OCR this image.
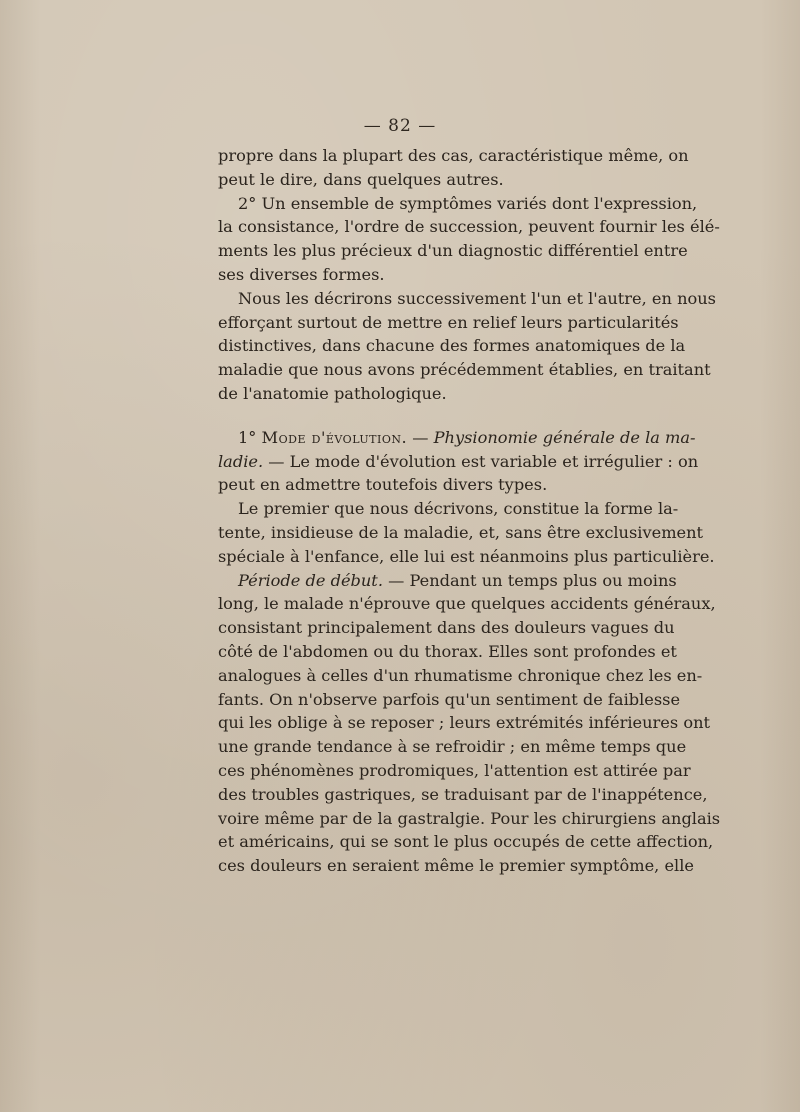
— 82 —
propre dans la plupart des cas, caractéristique même, on
peut le dire, dans quelques autres.
2° Un ensemble de symptômes variés dont l'expression,
la consistance, l'ordre de succession, peuvent fournir les élé-
ments les plus précieux d'un diagnostic différentiel entre
ses diverses formes.
Nous les décrirons successivement l'un et l'autre, en nous
efforçant surtout de mettre en relief leurs particularités
distinctives, dans chacune des formes anatomiques de la
maladie que nous avons précédemment établies, en traitant
de l'anatomie pathologique.
1° Mode d'évolution. — Physionomie générale de la ma-
ladie. — Le mode d'évolution est variable et irrégulier : on
peut en admettre toutefois divers types.
Le premier que nous décrivons, constitue la forme la-
tente, insidieuse de la maladie, et, sans être exclusivement
spéciale à l'enfance, elle lui est néanmoins plus particulière.
Période de début. — Pendant un temps plus ou moins
long, le malade n'éprouve que quelques accidents généraux,
consistant principalement dans des douleurs vagues du
côté de l'abdomen ou du thorax. Elles sont profondes et
analogues à celles d'un rhumatisme chronique chez les en-
fants. On n'observe parfois qu'un sentiment de faiblesse
qui les oblige à se reposer ; leurs extrémités inférieures ont
une grande tendance à se refroidir ; en même temps que
ces phénomènes prodromiques, l'attention est attirée par
des troubles gastriques, se traduisant par de l'inappétence,
voire même par de la gastralgie. Pour les chirurgiens anglais
et américains, qui se sont le plus occupés de cette affection,
ces douleurs en seraient même le premier symptôme, elle
